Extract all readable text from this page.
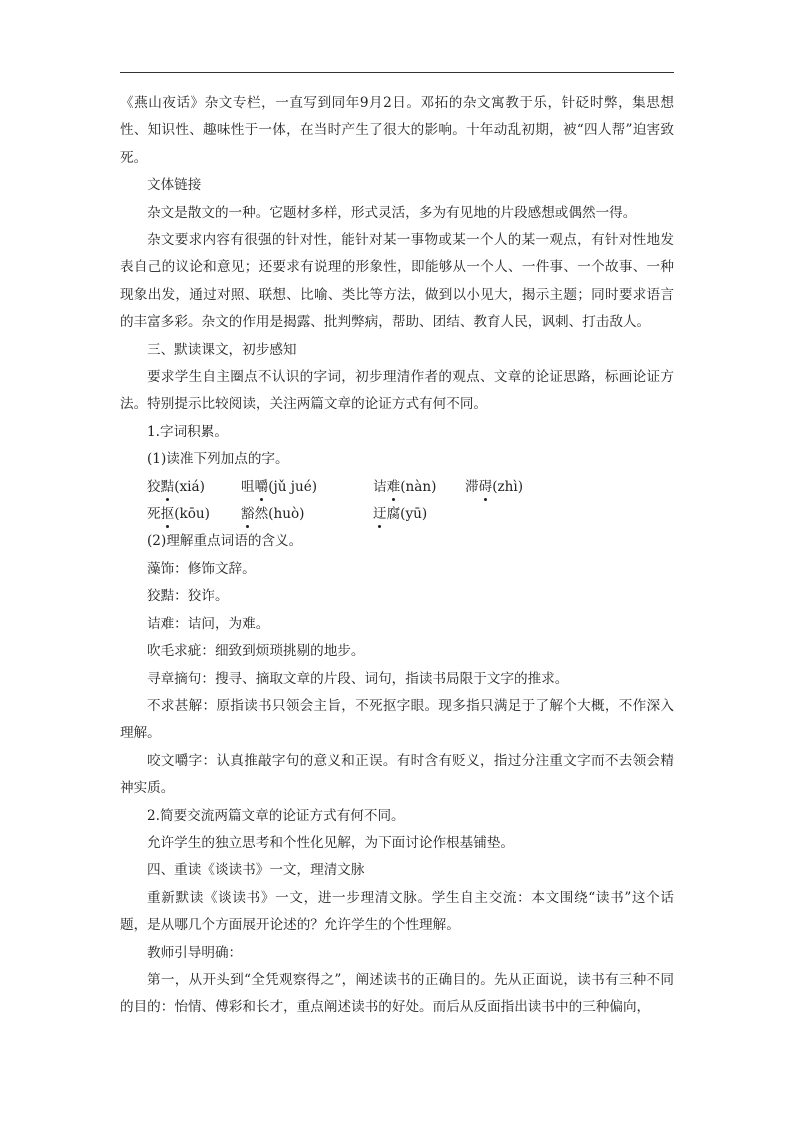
《燕山夜话》杂文专栏，一直写到同年9月2日。邓拓的杂文寓教于乐，针砭时弊，集思想性、知识性、趣味性于一体，在当时产生了很大的影响。十年动乱初期，被“四人帮”迫害致死。

文体链接

杂文是散文的一种。它题材多样，形式灵活，多为有见地的片段感想或偶然一得。

杂文要求内容有很强的针对性，能针对某一事物或某一个人的某一观点，有针对性地发表自己的议论和意见；还要求有说理的形象性，即能够从一个人、一件事、一个故事、一种现象出发，通过对照、联想、比喻、类比等方法，做到以小见大，揭示主题；同时要求语言的丰富多彩。杂文的作用是揭露、批判弊病，帮助、团结、教育人民，讽刺、打击敌人。

三、默读课文，初步感知

要求学生自主圈点不认识的字词，初步理清作者的观点、文章的论证思路，标画论证方法。特别提示比较阅读，关注两篇文章的论证方式有何不同。

1.字词积累。

(1)读准下列加点的字。

狡黠(xiá)	咀嚼(jǔ jué)	诘难(nàn)	滞碍(zhì)
死抠(kōu)	豁然(huò)	迂腐(yū)

(2)理解重点词语的含义。

藻饰：修饰文辞。

狡黠：狡诈。

诘难：诘问，为难。

吹毛求疵：细致到烦琐挑剔的地步。

寻章摘句：搜寻、摘取文章的片段、词句，指读书局限于文字的推求。

不求甚解：原指读书只领会主旨，不死抠字眼。现多指只满足于了解个大概，不作深入理解。

咬文嚼字：认真推敲字句的意义和正误。有时含有贬义，指过分注重文字而不去领会精神实质。

2.简要交流两篇文章的论证方式有何不同。

允许学生的独立思考和个性化见解，为下面讨论作根基铺垫。

四、重读《谈读书》一文，理清文脉

重新默读《谈读书》一文，进一步理清文脉。学生自主交流：本文围绕“读书”这个话题，是从哪几个方面展开论述的？允许学生的个性理解。

教师引导明确：

第一，从开头到“全凭观察得之”，阐述读书的正确目的。先从正面说，读书有三种不同的目的：怡情、傅彩和长才，重点阐述读书的好处。而后从反面指出读书中的三种偏向，
